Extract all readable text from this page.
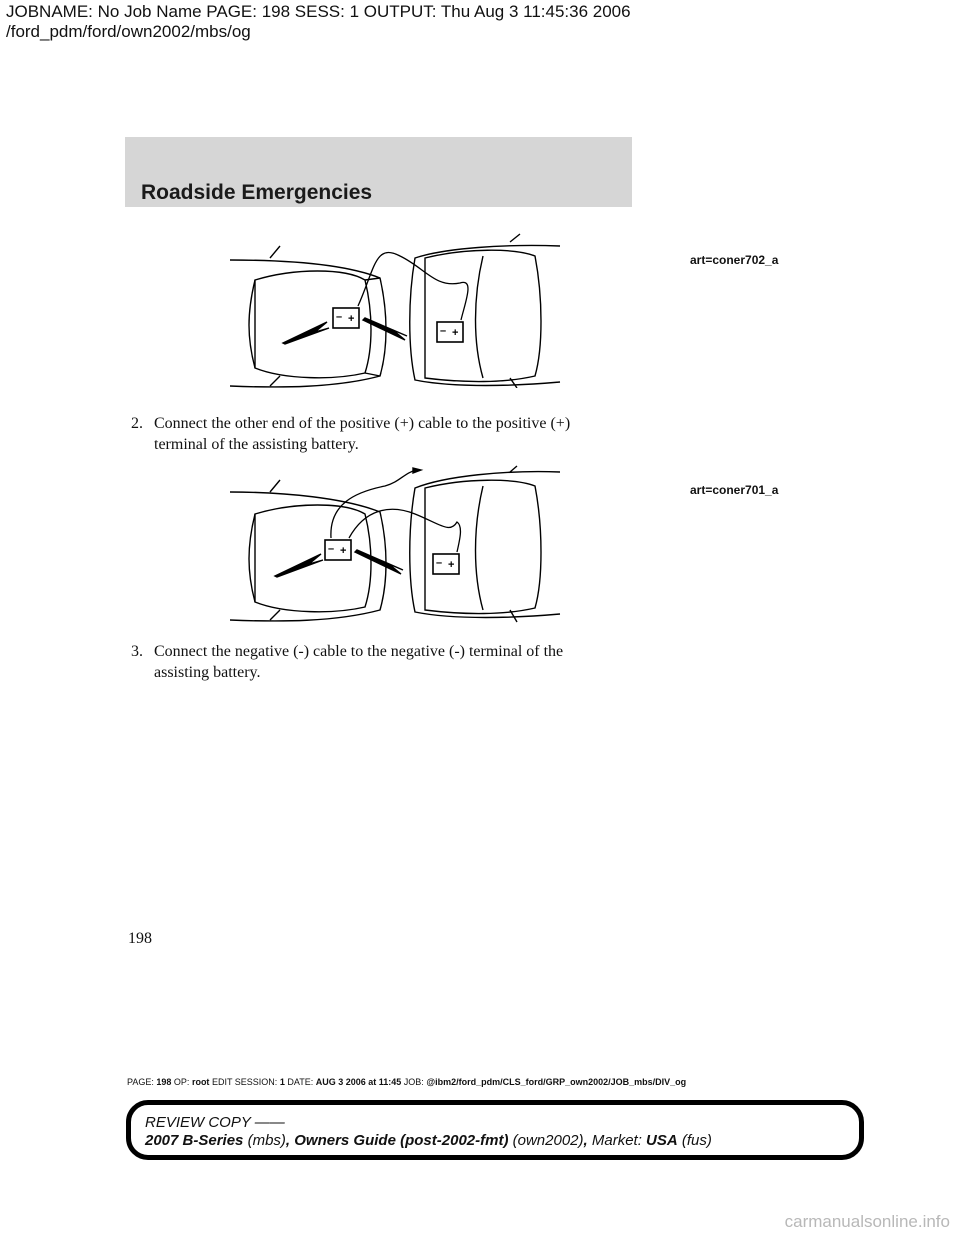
JOBNAME: No Job Name PAGE: 198 SESS: 1 OUTPUT: Thu Aug 3 11:45:36 2006
/ford_pdm/ford/own2002/mbs/og
Roadside Emergencies
art=coner702_a
– +
– +
2. Connect the other end of the positive (+) cable to the positive (+)
terminal of the assisting battery.
art=coner701_a
– +
– +
3. Connect the negative (-) cable to the negative (-) terminal of the
assisting battery.
198
PAGE: 198 OP: root EDIT SESSION: 1 DATE: AUG 3 2006 at 11:45 JOB: @ibm2/ford_pdm/CLS_ford/GRP_own2002/JOB_mbs/DIV_og
REVIEW COPY ——
2007 B-Series (mbs), Owners Guide (post-2002-fmt) (own2002), Market: USA (fus)
carmanualsonline.info
